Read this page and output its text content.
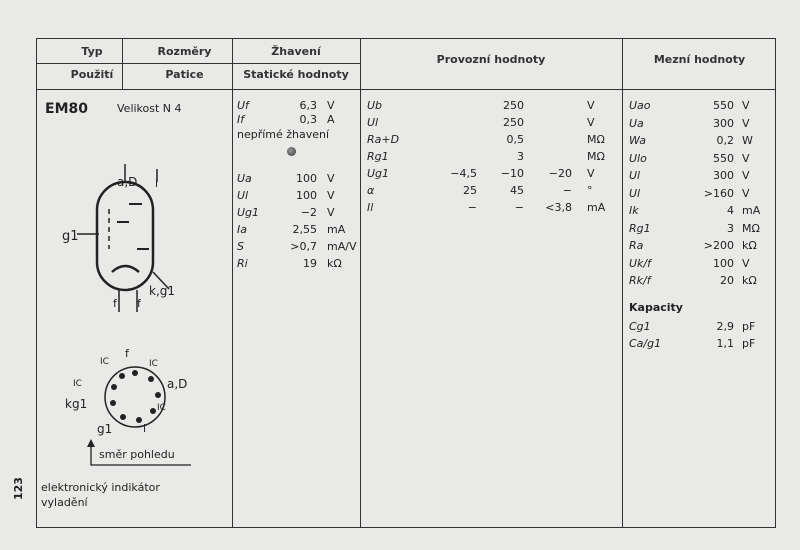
123
Typ
Použití
Rozměry
Patice
Žhavení
Statické hodnoty
Provozní hodnoty	Mezní hodnoty
EM80	Velikost N 4
a,D i
g1
k,g1
f f
f
IC	IC
IC	a,D
kg1	IC
g1	i
směr pohledu
elektronický indikátor
vyladění
Uf	6,3 V
If	0,3 A
nepřímé žhavení
Ua	100 V
Ul	100 V
Ug1	−2 V
Ia	2,55 mA
S	>0,7 mA/V
Ri	19 kΩ
Ub	250	V
Ul	250	V
Ra+D	0,5	MΩ
Rg1	3	MΩ
Ug1	−4,5	−10	−20 V
α	25	45	− °
Il	−	−	<3,8 mA
Uao	550 V
Ua	300 V
Wa	0,2 W
Ulo	550 V
Ul	300 V
Ul	>160 V
Ik	4 mA
Rg1	3 MΩ
Ra	>200 kΩ
Uk/f	100 V
Rk/f	20 kΩ
Kapacity
Cg1	2,9 pF
Ca/g1	1,1 pF
